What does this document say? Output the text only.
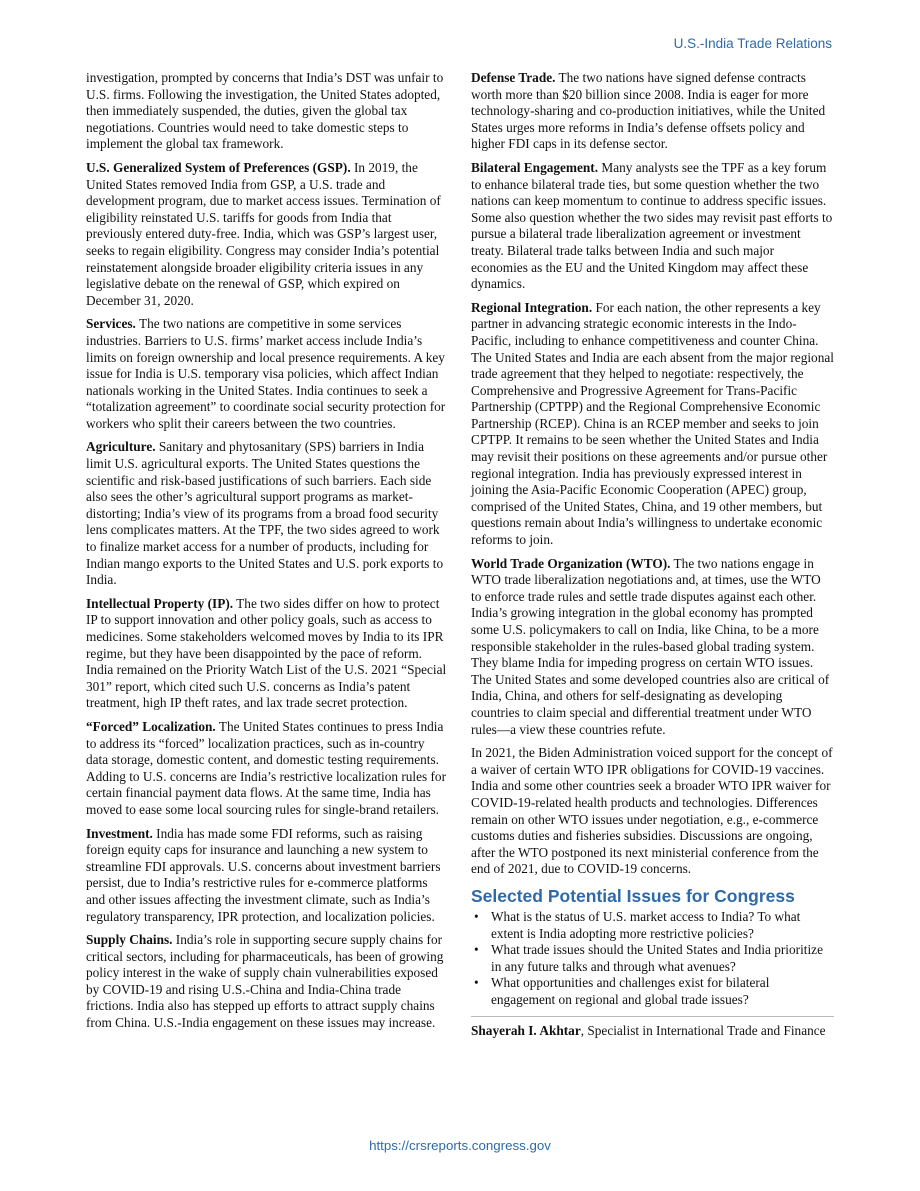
U.S.-India Trade Relations

investigation, prompted by concerns that India’s DST was unfair to U.S. firms. Following the investigation, the United States adopted, then immediately suspended, the duties, given the global tax negotiations. Countries would need to take domestic steps to implement the global tax framework.

U.S. Generalized System of Preferences (GSP). In 2019, the United States removed India from GSP, a U.S. trade and development program, due to market access issues. Termination of eligibility reinstated U.S. tariffs for goods from India that previously entered duty-free. India, which was GSP’s largest user, seeks to regain eligibility. Congress may consider India’s potential reinstatement alongside broader eligibility criteria issues in any legislative debate on the renewal of GSP, which expired on December 31, 2020.

Services. The two nations are competitive in some services industries. Barriers to U.S. firms’ market access include India’s limits on foreign ownership and local presence requirements. A key issue for India is U.S. temporary visa policies, which affect Indian nationals working in the United States. India continues to seek a “totalization agreement” to coordinate social security protection for workers who split their careers between the two countries.

Agriculture. Sanitary and phytosanitary (SPS) barriers in India limit U.S. agricultural exports. The United States questions the scientific and risk-based justifications of such barriers. Each side also sees the other’s agricultural support programs as market-distorting; India’s view of its programs from a broad food security lens complicates matters. At the TPF, the two sides agreed to work to finalize market access for a number of products, including for Indian mango exports to the United States and U.S. pork exports to India.

Intellectual Property (IP). The two sides differ on how to protect IP to support innovation and other policy goals, such as access to medicines. Some stakeholders welcomed moves by India to its IPR regime, but they have been disappointed by the pace of reform. India remained on the Priority Watch List of the U.S. 2021 “Special 301” report, which cited such U.S. concerns as India’s patent treatment, high IP theft rates, and lax trade secret protection.

“Forced” Localization. The United States continues to press India to address its “forced” localization practices, such as in-country data storage, domestic content, and domestic testing requirements. Adding to U.S. concerns are India’s restrictive localization rules for certain financial payment data flows. At the same time, India has moved to ease some local sourcing rules for single-brand retailers.

Investment. India has made some FDI reforms, such as raising foreign equity caps for insurance and launching a new system to streamline FDI approvals. U.S. concerns about investment barriers persist, due to India’s restrictive rules for e-commerce platforms and other issues affecting the investment climate, such as India’s regulatory transparency, IPR protection, and localization policies.

Supply Chains. India’s role in supporting secure supply chains for critical sectors, including for pharmaceuticals, has been of growing policy interest in the wake of supply chain vulnerabilities exposed by COVID-19 and rising U.S.-China and India-China trade frictions. India also has stepped up efforts to attract supply chains from China. U.S.-India engagement on these issues may increase.

Defense Trade. The two nations have signed defense contracts worth more than $20 billion since 2008. India is eager for more technology-sharing and co-production initiatives, while the United States urges more reforms in India’s defense offsets policy and higher FDI caps in its defense sector.

Bilateral Engagement. Many analysts see the TPF as a key forum to enhance bilateral trade ties, but some question whether the two nations can keep momentum to continue to address specific issues. Some also question whether the two sides may revisit past efforts to pursue a bilateral trade liberalization agreement or investment treaty. Bilateral trade talks between India and such major economies as the EU and the United Kingdom may affect these dynamics.

Regional Integration. For each nation, the other represents a key partner in advancing strategic economic interests in the Indo-Pacific, including to enhance competitiveness and counter China. The United States and India are each absent from the major regional trade agreement that they helped to negotiate: respectively, the Comprehensive and Progressive Agreement for Trans-Pacific Partnership (CPTPP) and the Regional Comprehensive Economic Partnership (RCEP). China is an RCEP member and seeks to join CPTPP. It remains to be seen whether the United States and India may revisit their positions on these agreements and/or pursue other regional integration. India has previously expressed interest in joining the Asia-Pacific Economic Cooperation (APEC) group, comprised of the United States, China, and 19 other members, but questions remain about India’s willingness to undertake economic reforms to join.

World Trade Organization (WTO). The two nations engage in WTO trade liberalization negotiations and, at times, use the WTO to enforce trade rules and settle trade disputes against each other. India’s growing integration in the global economy has prompted some U.S. policymakers to call on India, like China, to be a more responsible stakeholder in the rules-based global trading system. They blame India for impeding progress on certain WTO issues. The United States and some developed countries also are critical of India, China, and others for self-designating as developing countries to claim special and differential treatment under WTO rules—a view these countries refute.

In 2021, the Biden Administration voiced support for the concept of a waiver of certain WTO IPR obligations for COVID-19 vaccines. India and some other countries seek a broader WTO IPR waiver for COVID-19-related health products and technologies. Differences remain on other WTO issues under negotiation, e.g., e-commerce customs duties and fisheries subsidies. Discussions are ongoing, after the WTO postponed its next ministerial conference from the end of 2021, due to COVID-19 concerns.

Selected Potential Issues for Congress
• What is the status of U.S. market access to India? To what extent is India adopting more restrictive policies?
• What trade issues should the United States and India prioritize in any future talks and through what avenues?
• What opportunities and challenges exist for bilateral engagement on regional and global trade issues?

Shayerah I. Akhtar, Specialist in International Trade and Finance

https://crsreports.congress.gov
